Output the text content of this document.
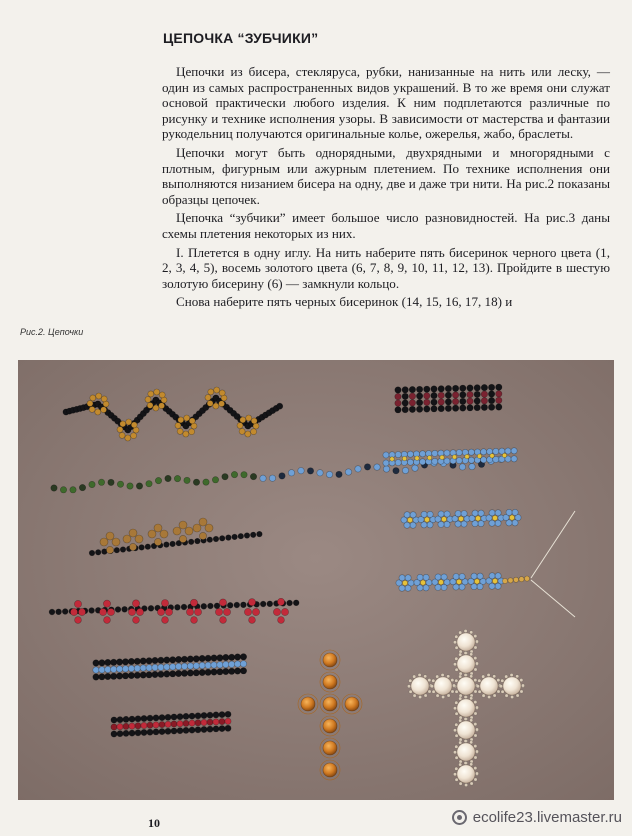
ЦЕПОЧКА “ЗУБЧИКИ”

Цепочки из бисера, стекляруса, рубки, нанизанные на нить или леску, — один из самых распространенных видов украшений. В то же время они служат основой практически любого изделия. К ним подплетаются различные по рисунку и технике исполнения узоры. В зависимости от мастерства и фантазии рукодельниц получаются оригинальные колье, ожерелья, жабо, браслеты.

Цепочки могут быть однорядными, двухрядными и многорядными с плотным, фигурным или ажурным плетением. По технике исполнения они выполняются низанием бисера на одну, две и даже три нити. На рис.2 показаны образцы цепочек.

Цепочка “зубчики” имеет большое число разновидностей. На рис.3 даны схемы плетения некоторых из них.

I. Плетется в одну иглу. На нить наберите пять бисеринок черного цвета (1, 2, 3, 4, 5), восемь золотого цвета (6, 7, 8, 9, 10, 11, 12, 13). Пройдите в шестую золотую бисерину (6) — замкнули кольцо.

Снова наберите пять черных бисеринок (14, 15, 16, 17, 18) и

Рис.2. Цепочки
10	ecolife23.livemaster.ru
